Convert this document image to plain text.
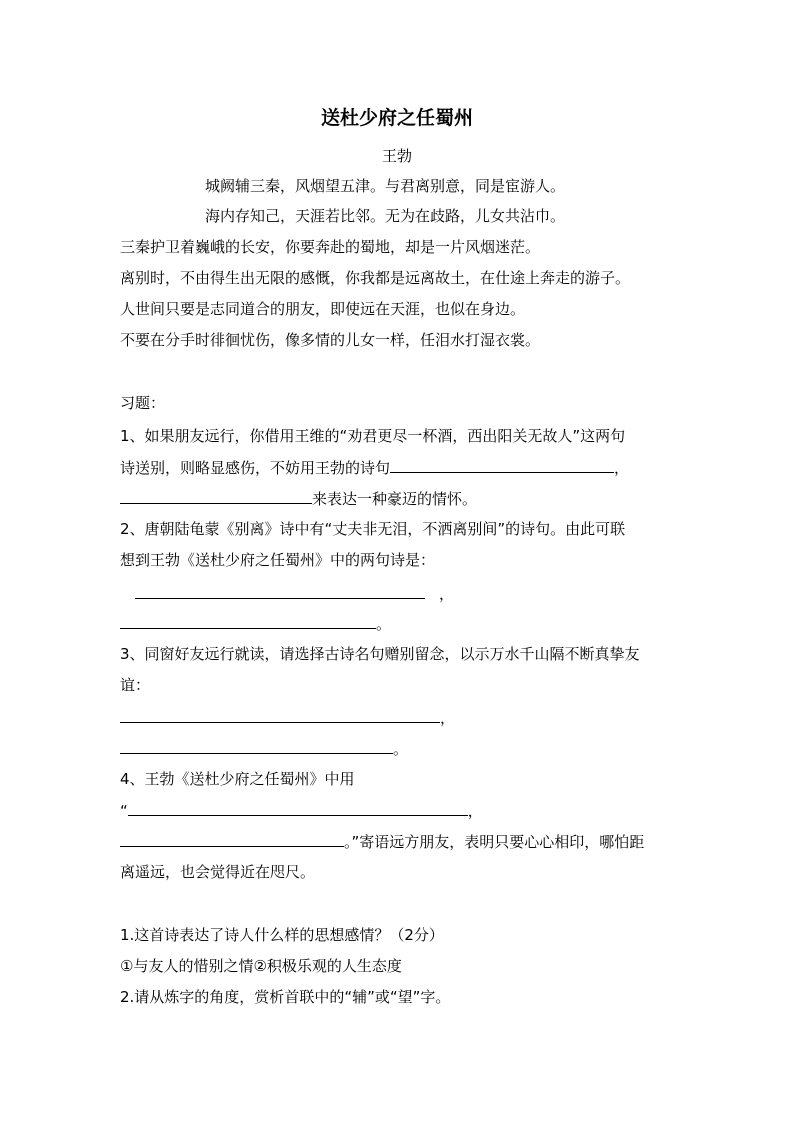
送杜少府之任蜀州
王勃
城阙辅三秦，风烟望五津。与君离别意，同是宦游人。
海内存知己，天涯若比邻。无为在歧路，儿女共沾巾。
三秦护卫着巍峨的长安，你要奔赴的蜀地，却是一片风烟迷茫。
离别时，不由得生出无限的感慨，你我都是远离故土，在仕途上奔走的游子。
人世间只要是志同道合的朋友，即使远在天涯，也似在身边。
不要在分手时徘徊忧伤，像多情的儿女一样，任泪水打湿衣裳。
习题：
1、如果朋友远行，你借用王维的“劝君更尽一杯酒，西出阳关无故人”这两句
诗送别，则略显感伤，不妨用王勃的诗句	，
来表达一种豪迈的情怀。
2、唐朝陆龟蒙《别离》诗中有“丈夫非无泪，不洒离别间”的诗句。由此可联
想到王勃《送杜少府之任蜀州》中的两句诗是：
，
。
3、同窗好友远行就读，请选择古诗名句赠别留念，以示万水千山隔不断真挚友
谊：
，
。
4、王勃《送杜少府之任蜀州》中用
“	，
。”寄语远方朋友，表明只要心心相印，哪怕距
离遥远，也会觉得近在咫尺。
1.这首诗表达了诗人什么样的思想感情？（2分）
①与友人的惜别之情②积极乐观的人生态度
2.请从炼字的角度，赏析首联中的“辅”或“望”字。
